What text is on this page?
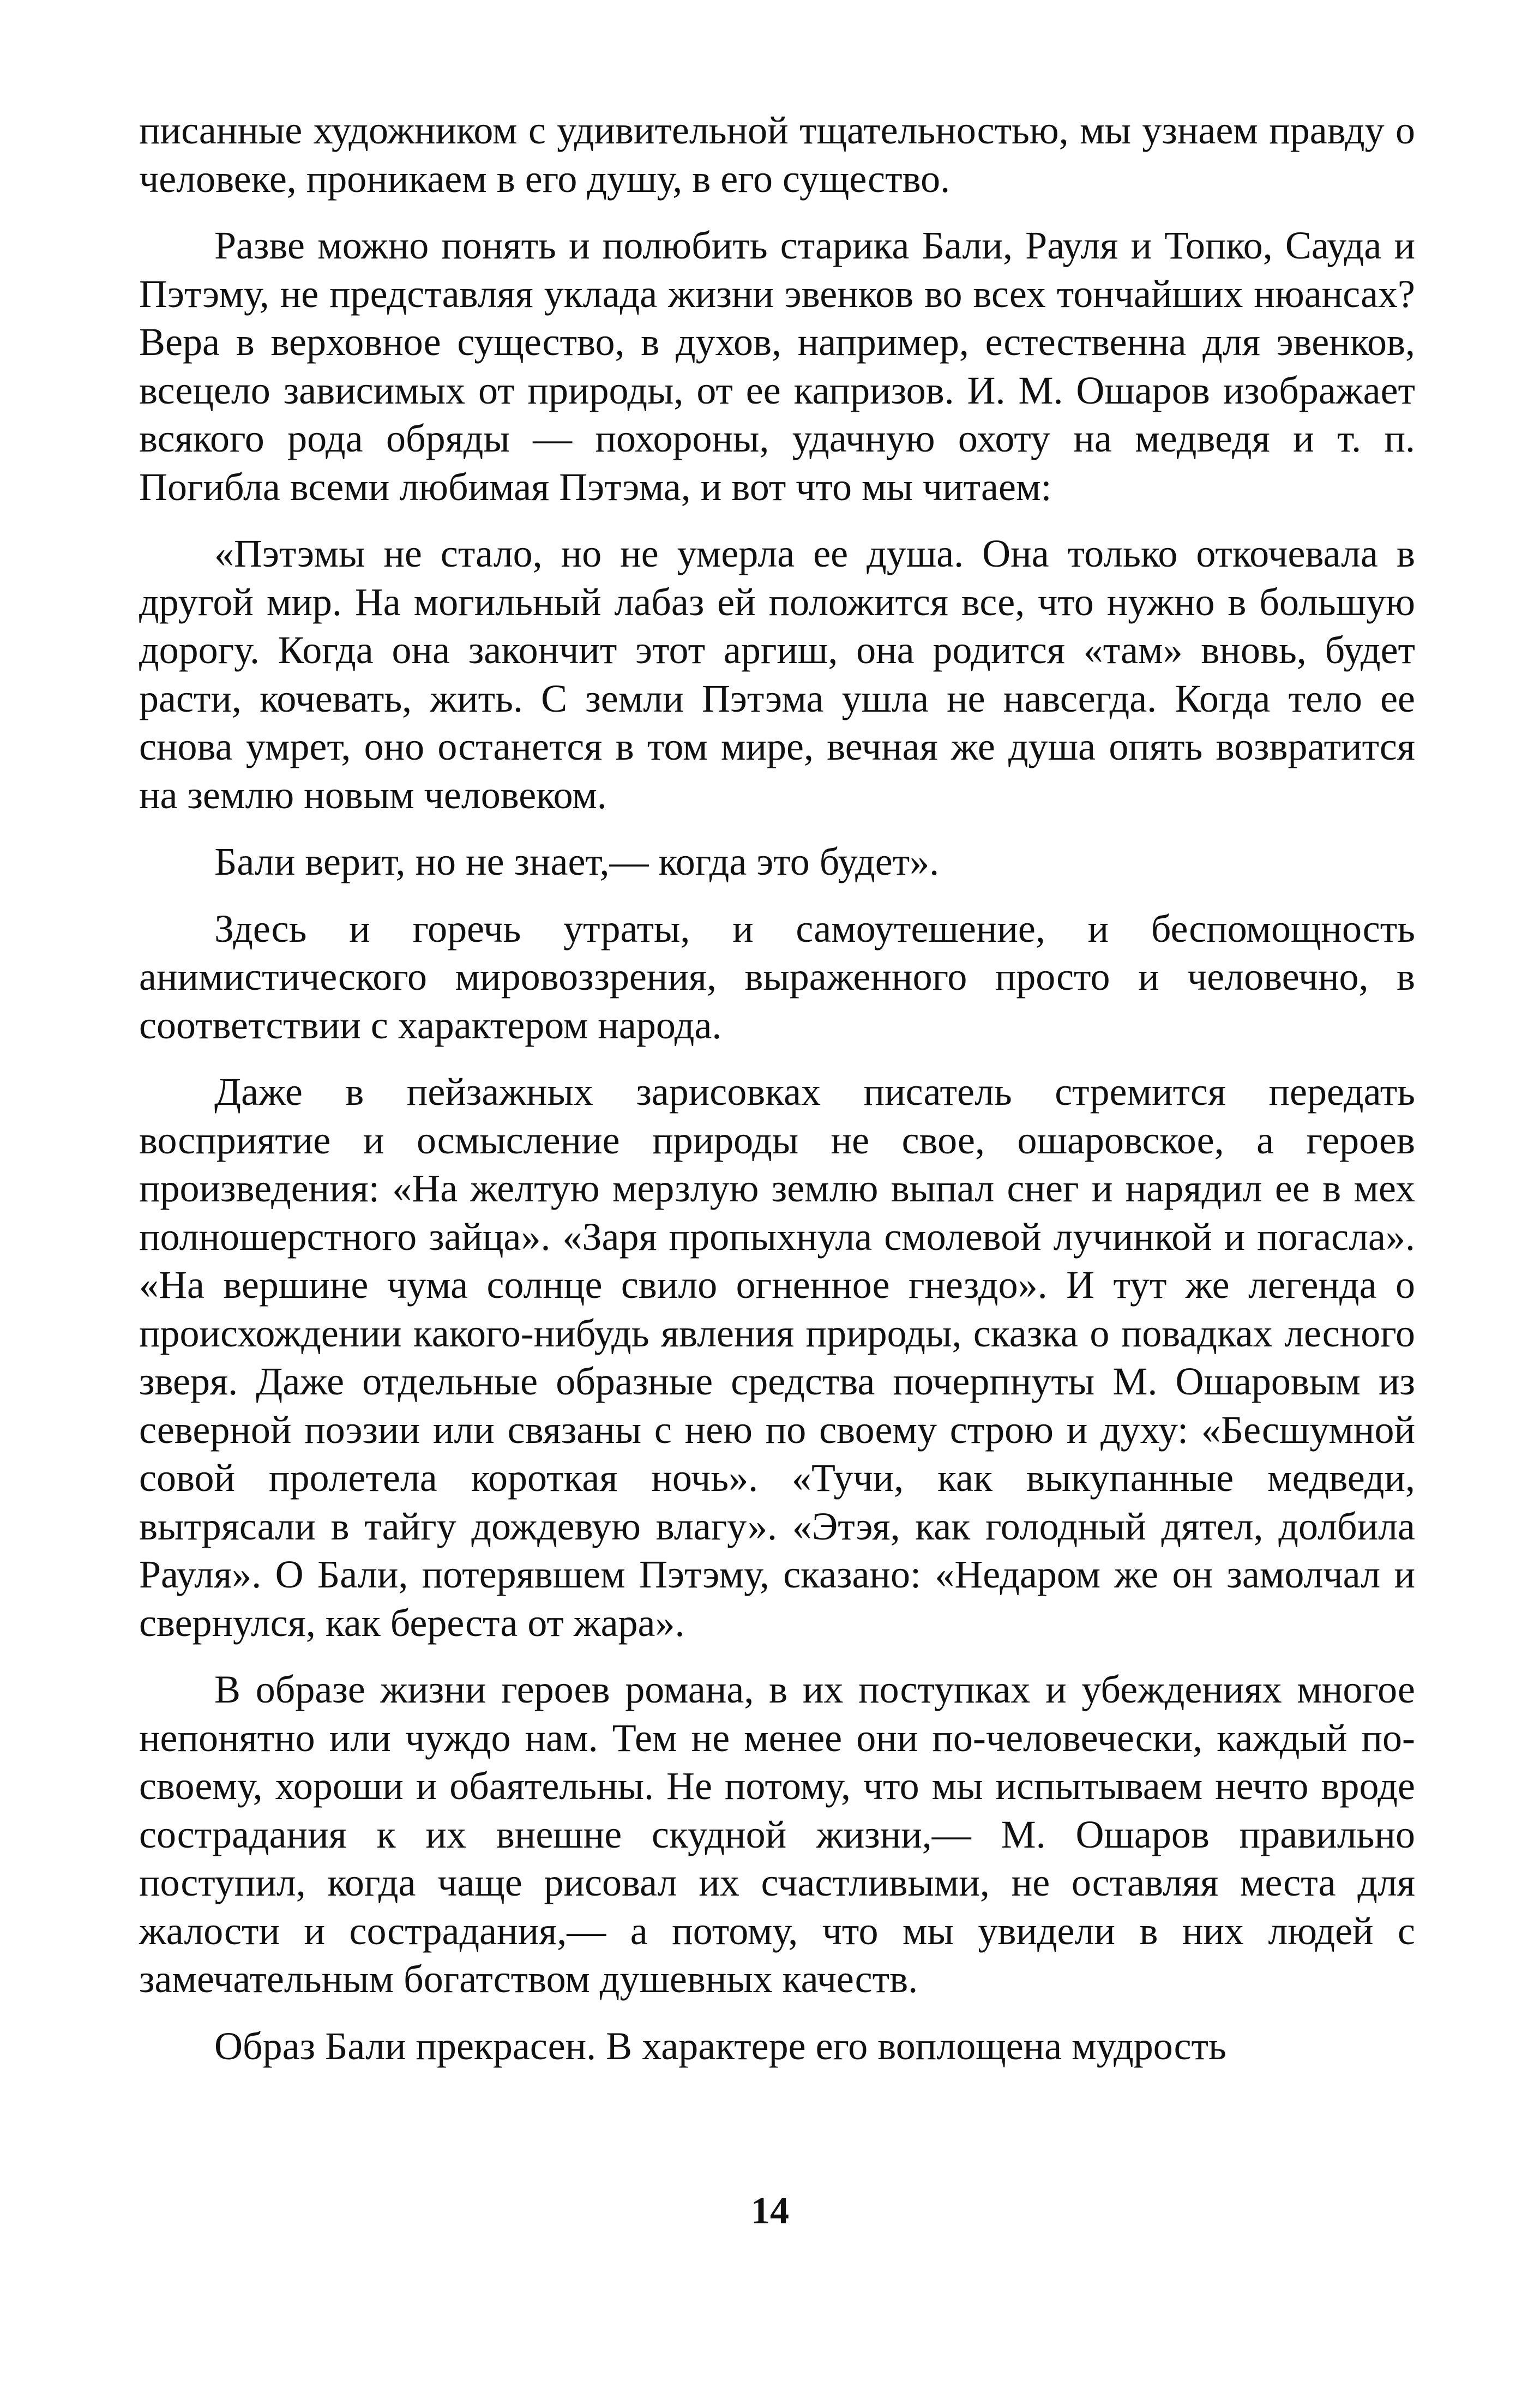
писанные художником с удивительной тщательностью, мы узнаем правду о человеке, проникаем в его душу, в его существо.

Разве можно понять и полюбить старика Бали, Рауля и Топко, Сауда и Пэтэму, не представляя уклада жизни эвенков во всех тончайших нюансах? Вера в верховное существо, в духов, например, естественна для эвенков, всецело зависимых от природы, от ее капризов. И. М. Ошаров изображает всякого рода обряды — похороны, удачную охоту на медведя и т. п. Погибла всеми любимая Пэтэма, и вот что мы читаем:

«Пэтэмы не стало, но не умерла ее душа. Она только откочевала в другой мир. На могильный лабаз ей положится все, что нужно в большую дорогу. Когда она закончит этот аргиш, она родится «там» вновь, будет расти, кочевать, жить. С земли Пэтэма ушла не навсегда. Когда тело ее снова умрет, оно останется в том мире, вечная же душа опять возвратится на землю новым человеком.

Бали верит, но не знает,— когда это будет».

Здесь и горечь утраты, и самоутешение, и беспомощность анимистического мировоззрения, выраженного просто и человечно, в соответствии с характером народа.

Даже в пейзажных зарисовках писатель стремится передать восприятие и осмысление природы не свое, ошаровское, а героев произведения: «На желтую мерзлую землю выпал снег и нарядил ее в мех полношерстного зайца». «Заря пропыхнула смолевой лучинкой и погасла». «На вершине чума солнце свило огненное гнездо». И тут же легенда о происхождении какого-нибудь явления природы, сказка о повадках лесного зверя. Даже отдельные образные средства почерпнуты М. Ошаровым из северной поэзии или связаны с нею по своему строю и духу: «Бесшумной совой пролетела короткая ночь». «Тучи, как выкупанные медведи, вытрясали в тайгу дождевую влагу». «Этэя, как голодный дятел, долбила Рауля». О Бали, потерявшем Пэтэму, сказано: «Недаром же он замолчал и свернулся, как береста от жара».

В образе жизни героев романа, в их поступках и убеждениях многое непонятно или чуждо нам. Тем не менее они по-человечески, каждый по-своему, хороши и обаятельны. Не потому, что мы испытываем нечто вроде сострадания к их внешне скудной жизни,— М. Ошаров правильно поступил, когда чаще рисовал их счастливыми, не оставляя места для жалости и сострадания,— а потому, что мы увидели в них людей с замечательным богатством душевных качеств.

Образ Бали прекрасен. В характере его воплощена мудрость

14
